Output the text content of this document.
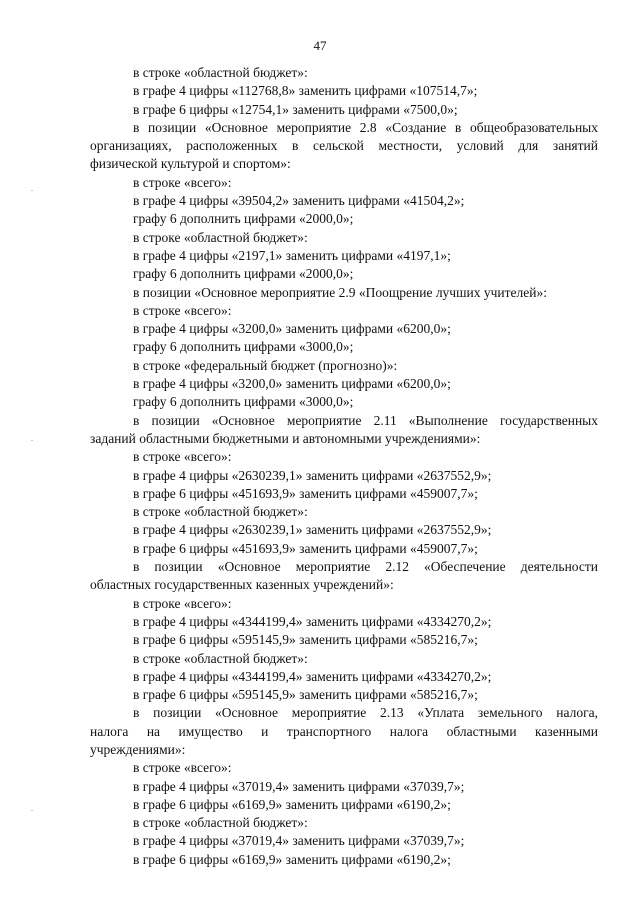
47
в строке «областной бюджет»:
в графе 4 цифры «112768,8» заменить цифрами «107514,7»;
в графе 6 цифры «12754,1» заменить цифрами «7500,0»;
в позиции «Основное мероприятие 2.8 «Создание в общеобразовательных
организациях, расположенных в сельской местности, условий для занятий
физической культурой и спортом»:
в строке «всего»:
в графе 4 цифры «39504,2» заменить цифрами «41504,2»;
графу 6 дополнить цифрами «2000,0»;
в строке «областной бюджет»:
в графе 4 цифры «2197,1» заменить цифрами «4197,1»;
графу 6 дополнить цифрами «2000,0»;
в позиции «Основное мероприятие 2.9 «Поощрение лучших учителей»:
в строке «всего»:
в графе 4 цифры «3200,0» заменить цифрами «6200,0»;
графу 6 дополнить цифрами «3000,0»;
в строке «федеральный бюджет (прогнозно)»:
в графе 4 цифры «3200,0» заменить цифрами «6200,0»;
графу 6 дополнить цифрами «3000,0»;
в позиции «Основное мероприятие 2.11 «Выполнение государственных
заданий областными бюджетными и автономными учреждениями»:
в строке «всего»:
в графе 4 цифры «2630239,1» заменить цифрами «2637552,9»;
в графе 6 цифры «451693,9» заменить цифрами «459007,7»;
в строке «областной бюджет»:
в графе 4 цифры «2630239,1» заменить цифрами «2637552,9»;
в графе 6 цифры «451693,9» заменить цифрами «459007,7»;
в позиции «Основное мероприятие 2.12 «Обеспечение деятельности
областных государственных казенных учреждений»:
в строке «всего»:
в графе 4 цифры «4344199,4» заменить цифрами «4334270,2»;
в графе 6 цифры «595145,9» заменить цифрами «585216,7»;
в строке «областной бюджет»:
в графе 4 цифры «4344199,4» заменить цифрами «4334270,2»;
в графе 6 цифры «595145,9» заменить цифрами «585216,7»;
в позиции «Основное мероприятие 2.13 «Уплата земельного налога,
налога на имущество и транспортного налога областными казенными
учреждениями»:
в строке «всего»:
в графе 4 цифры «37019,4» заменить цифрами «37039,7»;
в графе 6 цифры «6169,9» заменить цифрами «6190,2»;
в строке «областной бюджет»:
в графе 4 цифры «37019,4» заменить цифрами «37039,7»;
в графе 6 цифры «6169,9» заменить цифрами «6190,2»;
